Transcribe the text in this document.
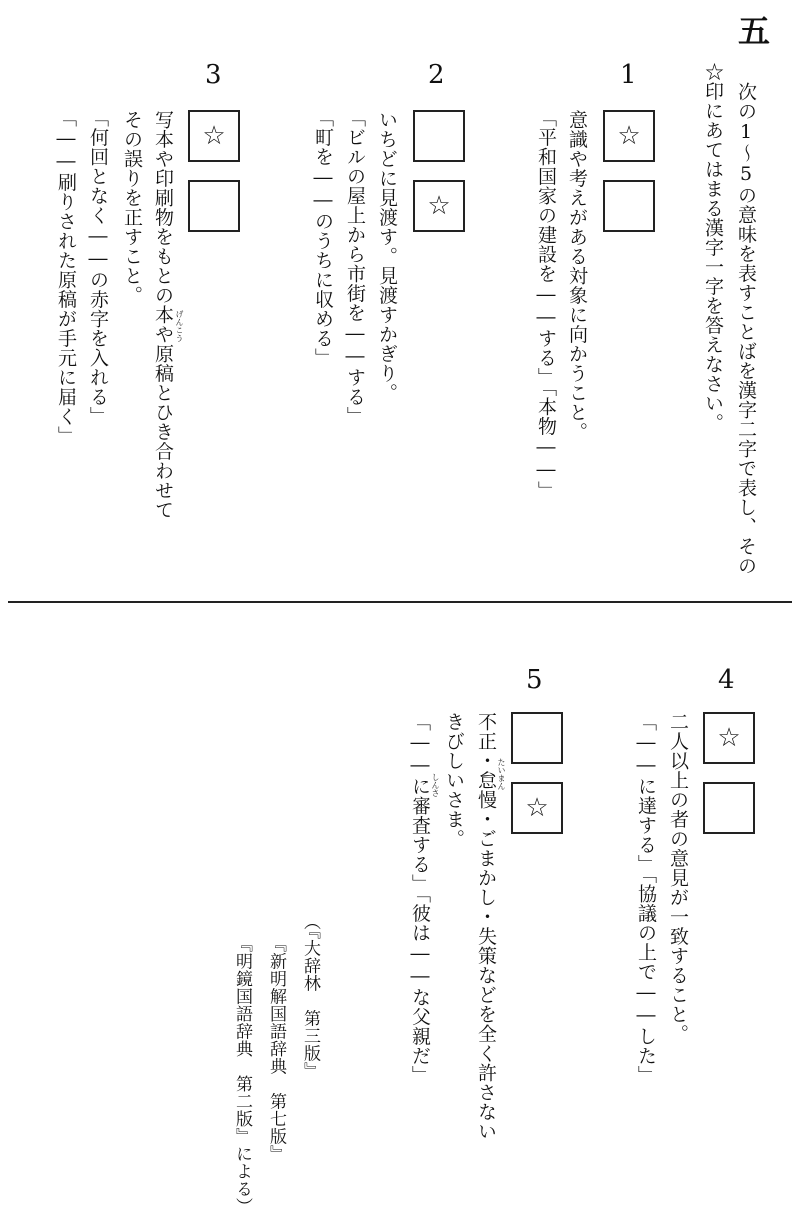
五
次の1～5の意味を表すことばを漢字二字で表し、その
☆印にあてはまる漢字一字を答えなさい。
1
☆
意識や考えがある対象に向かうこと。
「平和国家の建設を――する」「本物――」
2
☆
いちどに見渡す。見渡すかぎり。
「ビルの屋上から市街を――する」
「町を――のうちに収める」
3
☆
写本や印刷物をもとの本や原稿とひき合わせて げんこう
その誤りを正すこと。
「何回となく――の赤字を入れる」
「――刷りされた原稿が手元に届く」
4
☆
二人以上の者の意見が一致すること。
「――に達する」「協議の上で――した」
5
☆
不正・怠慢・ごまかし・失策などを全く許さない たいまん
きびしいさま。
「――に審査する」「彼は――な父親だ」 しんさ
（『大辞林　第三版』
『新明解国語辞典　第七版』
『明鏡国語辞典　第二版』による）
